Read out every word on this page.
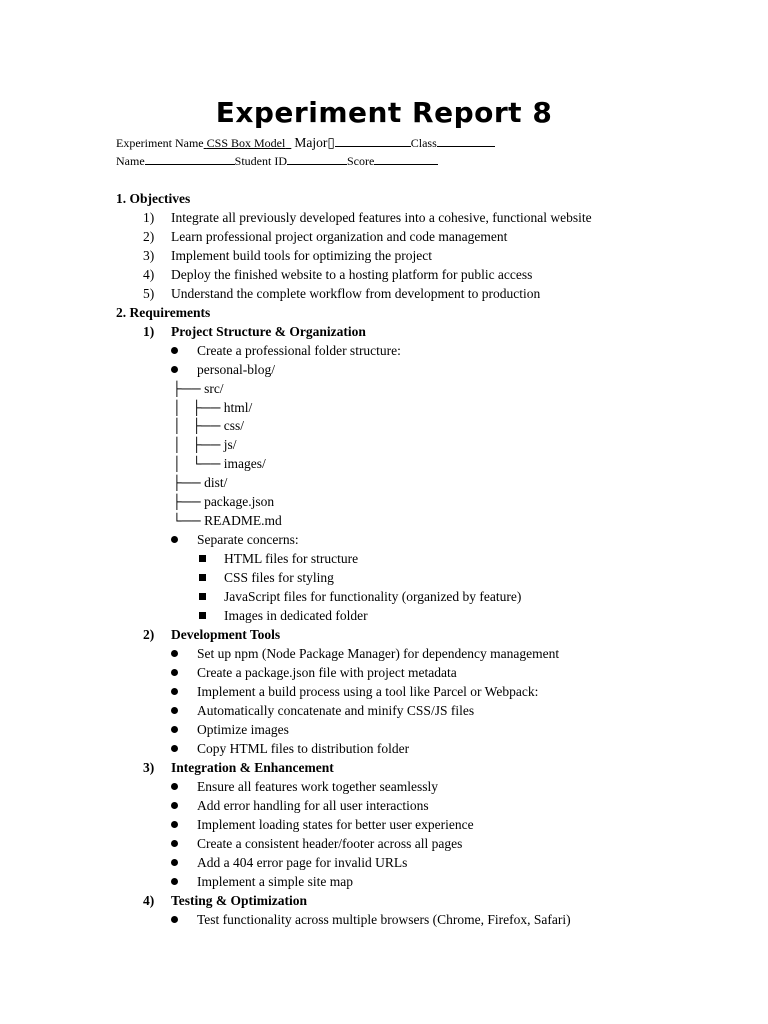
Experiment Report 8
Experiment Name CSS Box Model Major▯	Class
Name	Student ID	Score
1. Objectives
1) Integrate all previously developed features into a cohesive, functional website
2) Learn professional project organization and code management
3) Implement build tools for optimizing the project
4) Deploy the finished website to a hosting platform for public access
5) Understand the complete workflow from development to production
2. Requirements
1) Project Structure & Organization
Create a professional folder structure:
personal-blog/
├── src/
│   ├── html/
│   ├── css/
│   ├── js/
│   └── images/
├── dist/
├── package.json
└── README.md
Separate concerns:
HTML files for structure
CSS files for styling
JavaScript files for functionality (organized by feature)
Images in dedicated folder
2) Development Tools
Set up npm (Node Package Manager) for dependency management
Create a package.json file with project metadata
Implement a build process using a tool like Parcel or Webpack:
Automatically concatenate and minify CSS/JS files
Optimize images
Copy HTML files to distribution folder
3) Integration & Enhancement
Ensure all features work together seamlessly
Add error handling for all user interactions
Implement loading states for better user experience
Create a consistent header/footer across all pages
Add a 404 error page for invalid URLs
Implement a simple site map
4) Testing & Optimization
Test functionality across multiple browsers (Chrome, Firefox, Safari)
